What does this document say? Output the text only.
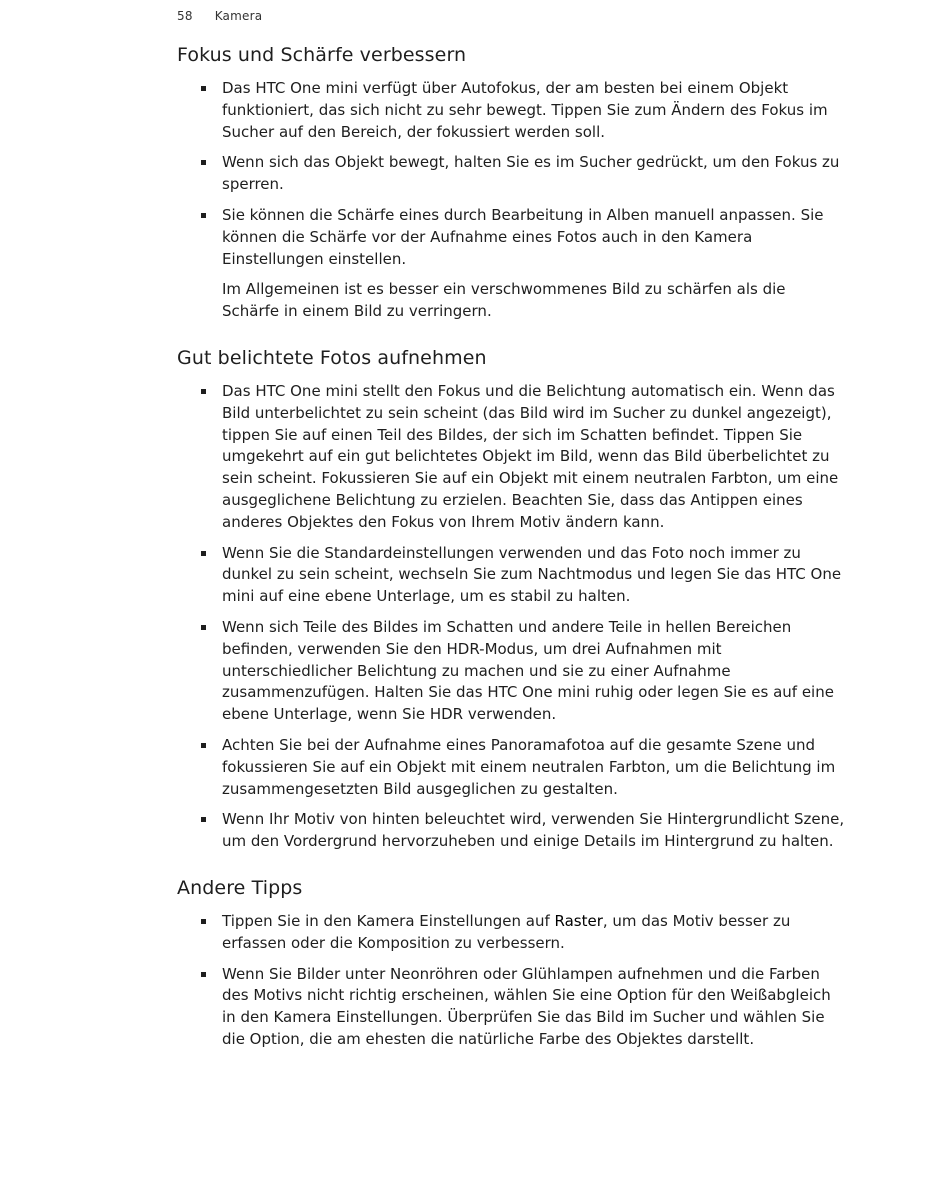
58 Kamera
Fokus und Schärfe verbessern

Das HTC One mini verfügt über Autofokus, der am besten bei einem Objekt funktioniert, das sich nicht zu sehr bewegt. Tippen Sie zum Ändern des Fokus im Sucher auf den Bereich, der fokussiert werden soll.

Wenn sich das Objekt bewegt, halten Sie es im Sucher gedrückt, um den Fokus zu sperren.

Sie können die Schärfe eines durch Bearbeitung in Alben manuell anpassen. Sie können die Schärfe vor der Aufnahme eines Fotos auch in den Kamera Einstellungen einstellen.

Im Allgemeinen ist es besser ein verschwommenes Bild zu schärfen als die Schärfe in einem Bild zu verringern.

Gut belichtete Fotos aufnehmen

Das HTC One mini stellt den Fokus und die Belichtung automatisch ein. Wenn das Bild unterbelichtet zu sein scheint (das Bild wird im Sucher zu dunkel angezeigt), tippen Sie auf einen Teil des Bildes, der sich im Schatten befindet. Tippen Sie umgekehrt auf ein gut belichtetes Objekt im Bild, wenn das Bild überbelichtet zu sein scheint. Fokussieren Sie auf ein Objekt mit einem neutralen Farbton, um eine ausgeglichene Belichtung zu erzielen. Beachten Sie, dass das Antippen eines anderes Objektes den Fokus von Ihrem Motiv ändern kann.

Wenn Sie die Standardeinstellungen verwenden und das Foto noch immer zu dunkel zu sein scheint, wechseln Sie zum Nachtmodus und legen Sie das HTC One mini auf eine ebene Unterlage, um es stabil zu halten.

Wenn sich Teile des Bildes im Schatten und andere Teile in hellen Bereichen befinden, verwenden Sie den HDR-Modus, um drei Aufnahmen mit unterschiedlicher Belichtung zu machen und sie zu einer Aufnahme zusammenzufügen. Halten Sie das HTC One mini ruhig oder legen Sie es auf eine ebene Unterlage, wenn Sie HDR verwenden.

Achten Sie bei der Aufnahme eines Panoramafotoa auf die gesamte Szene und fokussieren Sie auf ein Objekt mit einem neutralen Farbton, um die Belichtung im zusammengesetzten Bild ausgeglichen zu gestalten.

Wenn Ihr Motiv von hinten beleuchtet wird, verwenden Sie Hintergrundlicht Szene, um den Vordergrund hervorzuheben und einige Details im Hintergrund zu halten.

Andere Tipps

Tippen Sie in den Kamera Einstellungen auf Raster, um das Motiv besser zu erfassen oder die Komposition zu verbessern.

Wenn Sie Bilder unter Neonröhren oder Glühlampen aufnehmen und die Farben des Motivs nicht richtig erscheinen, wählen Sie eine Option für den Weißabgleich in den Kamera Einstellungen. Überprüfen Sie das Bild im Sucher und wählen Sie die Option, die am ehesten die natürliche Farbe des Objektes darstellt.
